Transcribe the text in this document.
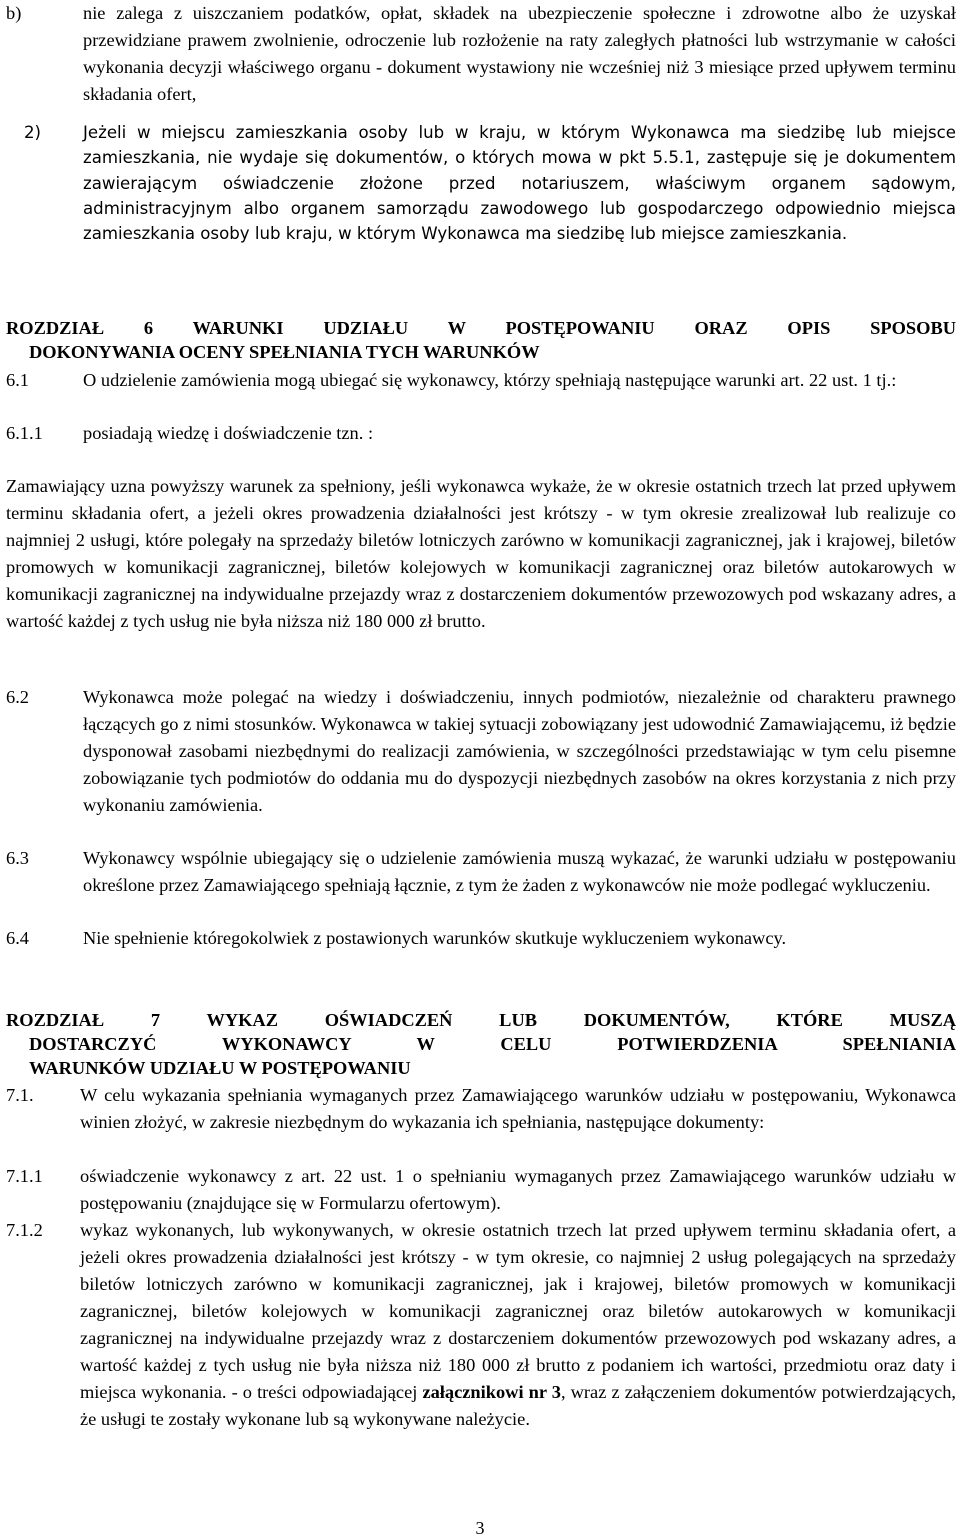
b)	nie zalega z uiszczaniem podatków, opłat, składek na ubezpieczenie społeczne i zdrowotne albo że uzyskał przewidziane prawem zwolnienie, odroczenie lub rozłożenie na raty zaległych płatności lub wstrzymanie w całości wykonania decyzji właściwego organu - dokument wystawiony nie wcześniej niż 3 miesiące przed upływem terminu składania ofert,
2)	Jeżeli w miejscu zamieszkania osoby lub w kraju, w którym Wykonawca ma siedzibę lub miejsce zamieszkania, nie wydaje się dokumentów, o których mowa w pkt 5.5.1, zastępuje się je dokumentem zawierającym oświadczenie złożone przed notariuszem, właściwym organem sądowym, administracyjnym albo organem samorządu zawodowego lub gospodarczego odpowiednio miejsca zamieszkania osoby lub kraju, w którym Wykonawca ma siedzibę lub miejsce zamieszkania.
ROZDZIAŁ 6 WARUNKI UDZIAŁU W POSTĘPOWANIU ORAZ OPIS SPOSOBU
DOKONYWANIA OCENY SPEŁNIANIA TYCH WARUNKÓW
6.1	O udzielenie zamówienia mogą ubiegać się wykonawcy, którzy spełniają następujące warunki art. 22 ust. 1 tj.:
6.1.1	posiadają wiedzę i doświadczenie tzn. :
Zamawiający uzna powyższy warunek za spełniony, jeśli wykonawca wykaże, że w okresie ostatnich trzech lat przed upływem terminu składania ofert, a jeżeli okres prowadzenia działalności jest krótszy - w tym okresie zrealizował lub realizuje co najmniej 2 usługi, które polegały na sprzedaży biletów lotniczych zarówno w komunikacji zagranicznej, jak i krajowej, biletów promowych w komunikacji zagranicznej, biletów kolejowych w komunikacji zagranicznej oraz biletów autokarowych w komunikacji zagranicznej na indywidualne przejazdy wraz z dostarczeniem dokumentów przewozowych pod wskazany adres, a wartość każdej z tych usług nie była niższa niż 180 000 zł brutto.
6.2	Wykonawca może polegać na wiedzy i doświadczeniu, innych podmiotów, niezależnie od charakteru prawnego łączących go z nimi stosunków. Wykonawca w takiej sytuacji zobowiązany jest udowodnić Zamawiającemu, iż będzie dysponował zasobami niezbędnymi do realizacji zamówienia, w szczególności przedstawiając w tym celu pisemne zobowiązanie tych podmiotów do oddania mu do dyspozycji niezbędnych zasobów na okres korzystania z nich przy wykonaniu zamówienia.
6.3	Wykonawcy wspólnie ubiegający się o udzielenie zamówienia muszą wykazać, że warunki udziału w postępowaniu określone przez Zamawiającego spełniają łącznie, z tym że żaden z wykonawców nie może podlegać wykluczeniu.
6.4	Nie spełnienie któregokolwiek z postawionych warunków skutkuje wykluczeniem wykonawcy.
ROZDZIAŁ 7 WYKAZ OŚWIADCZEŃ LUB DOKUMENTÓW, KTÓRE MUSZĄ
DOSTARCZYĆ WYKONAWCY W CELU POTWIERDZENIA SPEŁNIANIA
WARUNKÓW UDZIAŁU W POSTĘPOWANIU
7.1.	W celu wykazania spełniania wymaganych przez Zamawiającego warunków udziału w postępowaniu, Wykonawca winien złożyć, w zakresie niezbędnym do wykazania ich spełniania, następujące dokumenty:
7.1.1	oświadczenie wykonawcy z art. 22 ust. 1 o spełnianiu wymaganych przez Zamawiającego warunków udziału w postępowaniu (znajdujące się w Formularzu ofertowym).
7.1.2	wykaz wykonanych, lub wykonywanych, w okresie ostatnich trzech lat przed upływem terminu składania ofert, a jeżeli okres prowadzenia działalności jest krótszy - w tym okresie, co najmniej 2 usług polegających na sprzedaży biletów lotniczych zarówno w komunikacji zagranicznej, jak i krajowej, biletów promowych w komunikacji zagranicznej, biletów kolejowych w komunikacji zagranicznej oraz biletów autokarowych w komunikacji zagranicznej na indywidualne przejazdy wraz z dostarczeniem dokumentów przewozowych pod wskazany adres, a wartość każdej z tych usług nie była niższa niż 180 000 zł brutto z podaniem ich wartości, przedmiotu oraz daty i miejsca wykonania. - o treści odpowiadającej załącznikowi nr 3, wraz z załączeniem dokumentów potwierdzających, że usługi te zostały wykonane lub są wykonywane należycie.
3
